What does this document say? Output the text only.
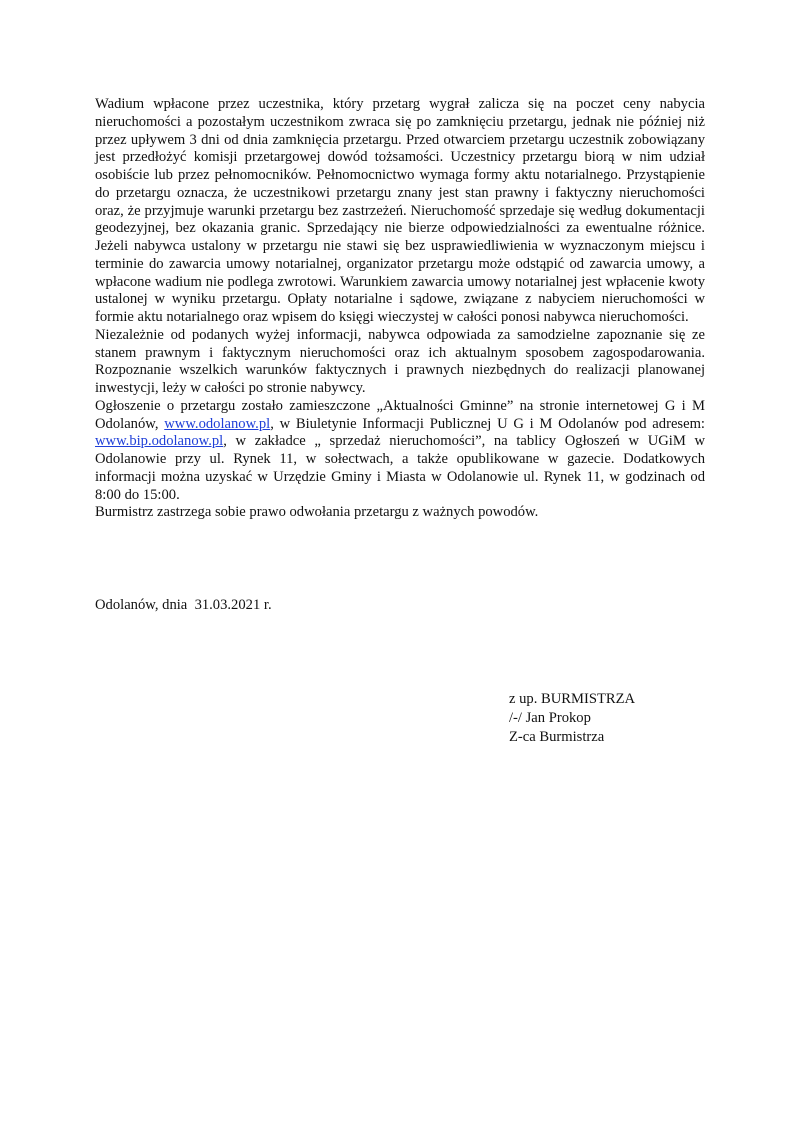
Wadium wpłacone przez uczestnika, który przetarg wygrał zalicza się na poczet ceny nabycia nieruchomości a pozostałym uczestnikom zwraca się po zamknięciu przetargu, jednak nie później niż przez upływem 3 dni od dnia zamknięcia przetargu. Przed otwarciem przetargu uczestnik zobowiązany jest przedłożyć komisji przetargowej dowód tożsamości. Uczestnicy przetargu biorą w nim udział osobiście lub przez pełnomocników. Pełnomocnictwo wymaga formy aktu notarialnego. Przystąpienie do przetargu oznacza, że uczestnikowi przetargu znany jest stan prawny i faktyczny nieruchomości oraz, że przyjmuje warunki przetargu bez zastrzeżeń. Nieruchomość sprzedaje się według dokumentacji geodezyjnej, bez okazania granic. Sprzedający nie bierze odpowiedzialności za ewentualne różnice. Jeżeli nabywca ustalony w przetargu nie stawi się bez usprawiedliwienia w wyznaczonym miejscu i terminie do zawarcia umowy notarialnej, organizator przetargu może odstąpić od zawarcia umowy, a wpłacone wadium nie podlega zwrotowi. Warunkiem zawarcia umowy notarialnej jest wpłacenie kwoty ustalonej w wyniku przetargu. Opłaty notarialne i sądowe, związane z nabyciem nieruchomości w formie aktu notarialnego oraz wpisem do księgi wieczystej w całości ponosi nabywca nieruchomości.

Niezależnie od podanych wyżej informacji, nabywca odpowiada za samodzielne zapoznanie się ze stanem prawnym i faktycznym nieruchomości oraz ich aktualnym sposobem zagospodarowania. Rozpoznanie wszelkich warunków faktycznych i prawnych niezbędnych do realizacji planowanej inwestycji, leży w całości po stronie nabywcy.

Ogłoszenie o przetargu zostało zamieszczone „Aktualności Gminne” na stronie internetowej G i M Odolanów, www.odolanow.pl, w Biuletynie Informacji Publicznej U G i M Odolanów pod adresem: www.bip.odolanow.pl, w zakładce „ sprzedaż nieruchomości”, na tablicy Ogłoszeń w UGiM w Odolanowie przy ul. Rynek 11, w sołectwach, a także opublikowane w gazecie. Dodatkowych informacji można uzyskać w Urzędzie Gminy i Miasta w Odolanowie ul. Rynek 11, w godzinach od 8:00 do 15:00.

Burmistrz zastrzega sobie prawo odwołania przetargu z ważnych powodów.

Odolanów, dnia  31.03.2021 r.
z up. BURMISTRZA
/-/ Jan Prokop
Z-ca Burmistrza
